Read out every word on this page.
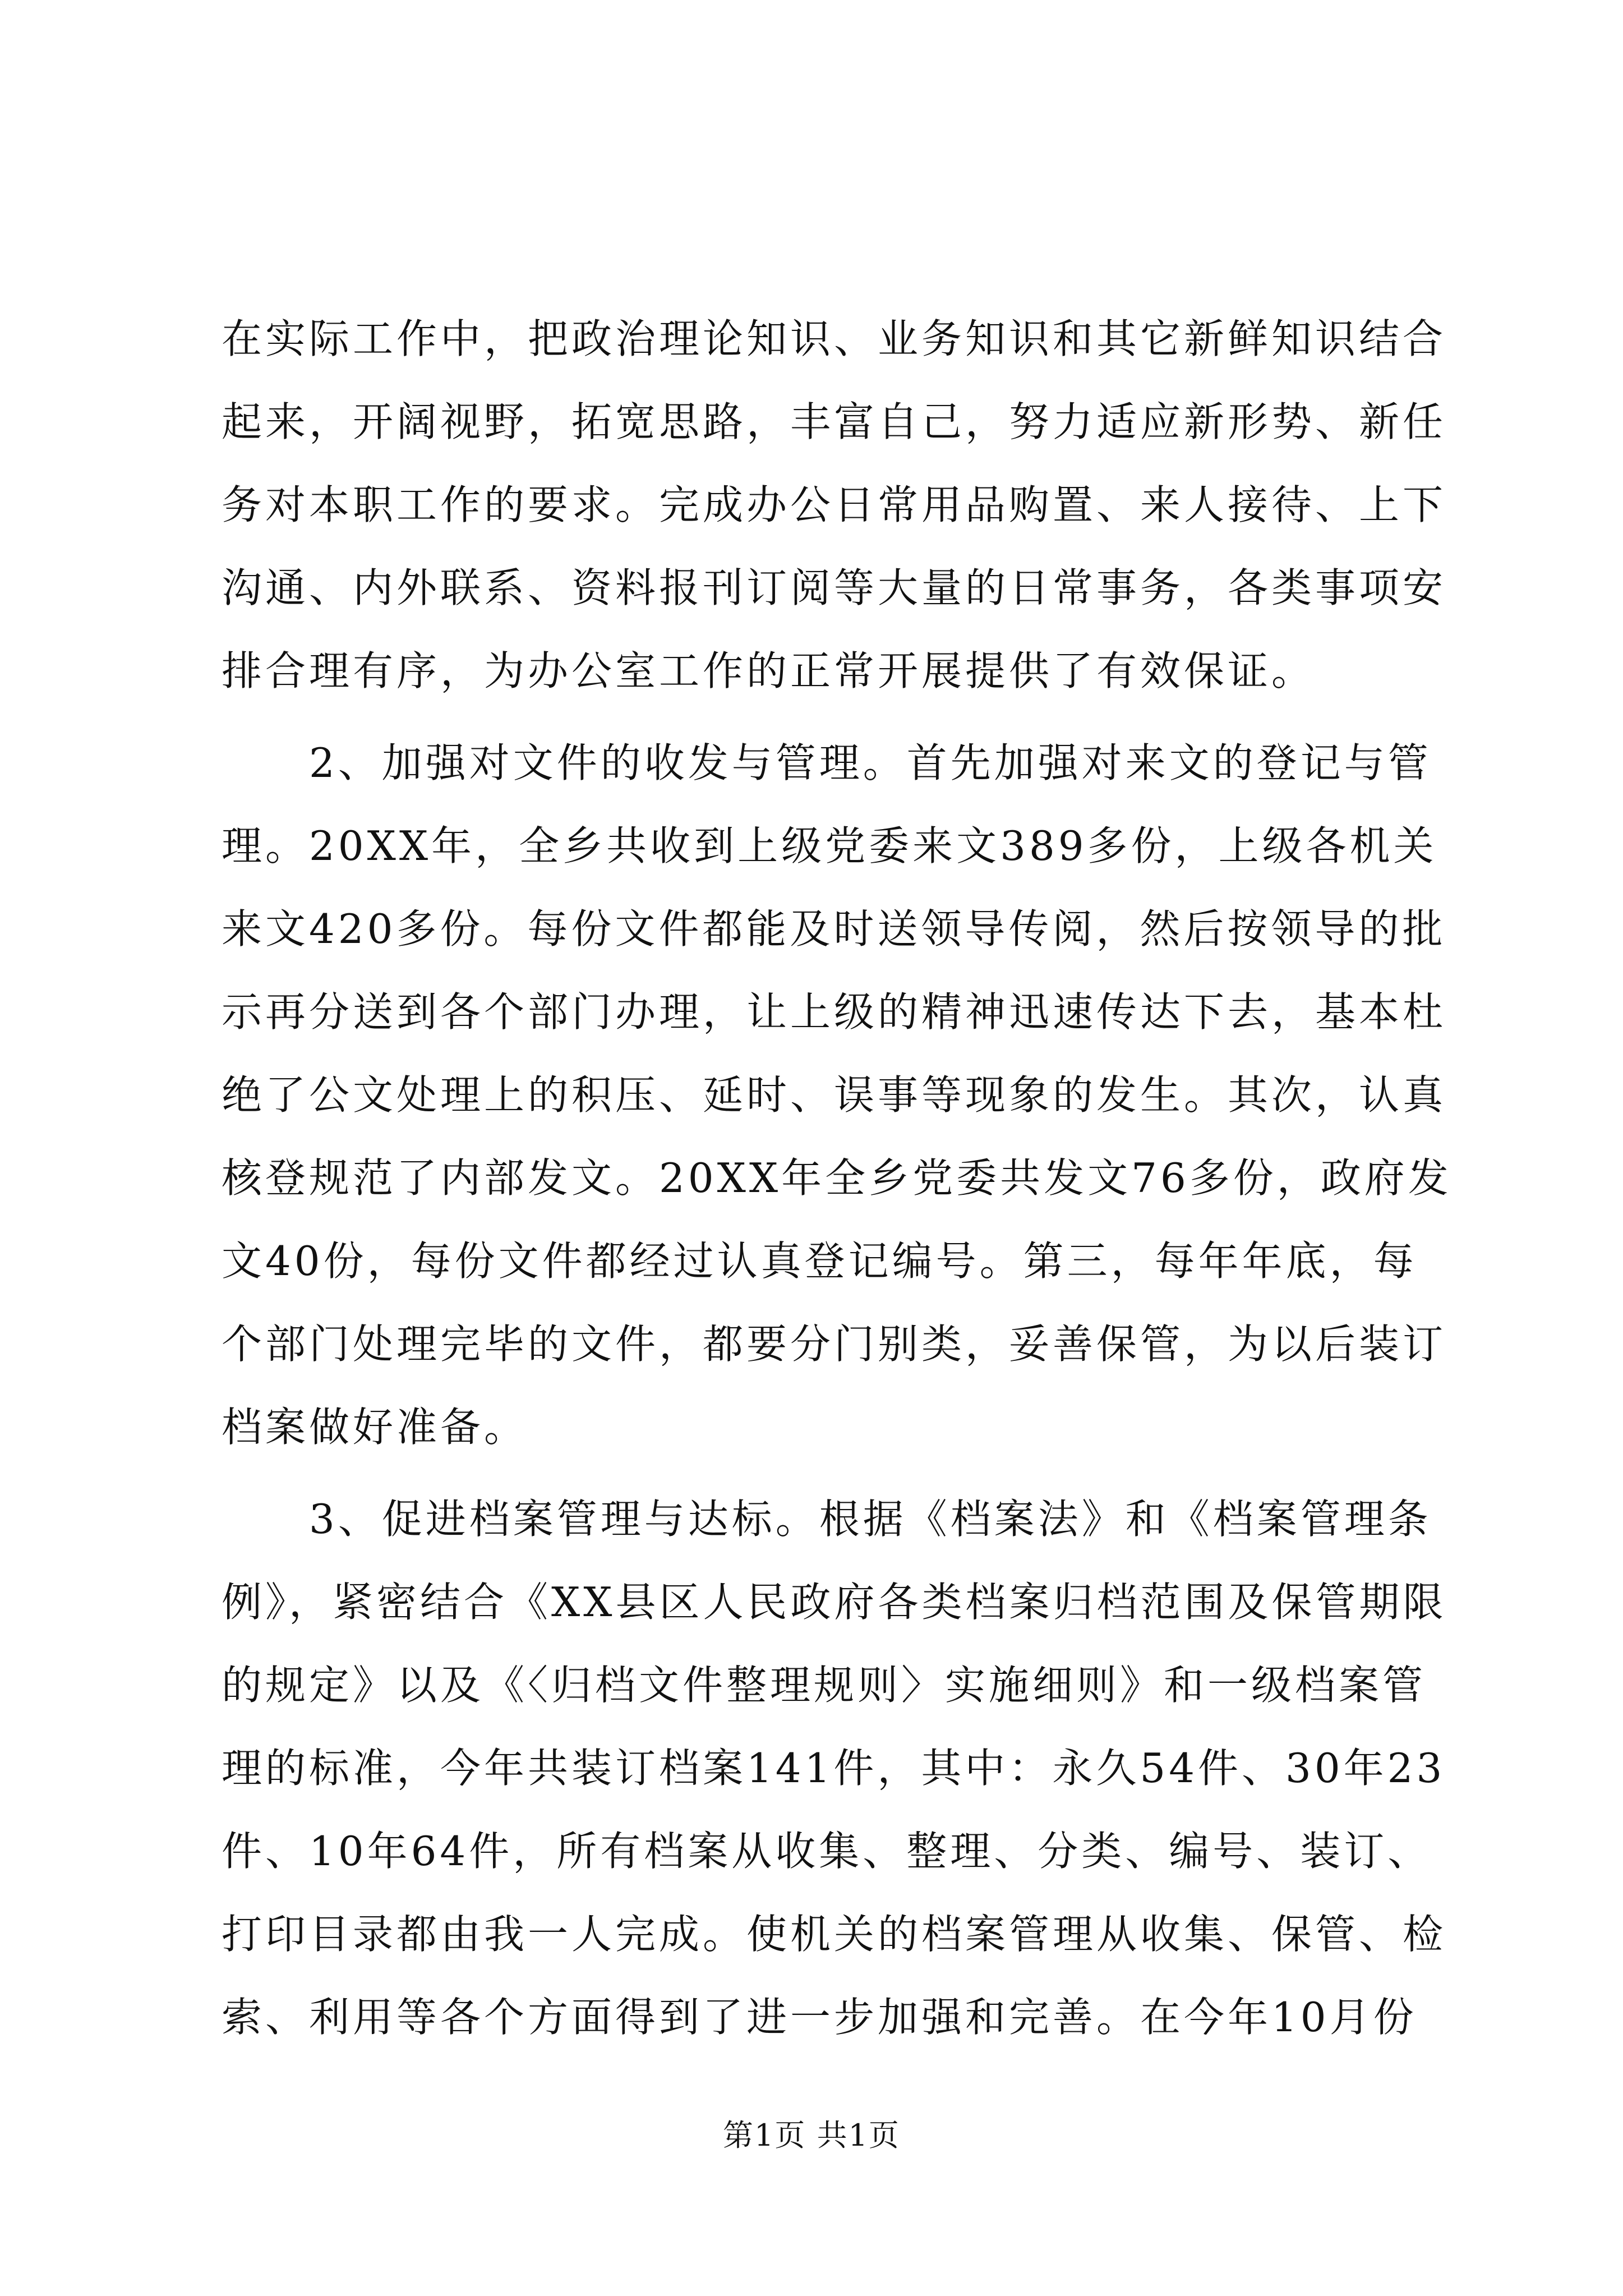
在实际工作中，把政治理论知识、业务知识和其它新鲜知识结合
起来，开阔视野，拓宽思路，丰富自己，努力适应新形势、新任
务对本职工作的要求。完成办公日常用品购置、来人接待、上下
沟通、内外联系、资料报刊订阅等大量的日常事务，各类事项安
排合理有序，为办公室工作的正常开展提供了有效保证。
　　2、加强对文件的收发与管理。首先加强对来文的登记与管
理。20XX年，全乡共收到上级党委来文389多份，上级各机关
来文420多份。每份文件都能及时送领导传阅，然后按领导的批
示再分送到各个部门办理，让上级的精神迅速传达下去，基本杜
绝了公文处理上的积压、延时、误事等现象的发生。其次，认真
核登规范了内部发文。20XX年全乡党委共发文76多份，政府发
文40份，每份文件都经过认真登记编号。第三，每年年底，每
个部门处理完毕的文件，都要分门别类，妥善保管，为以后装订
档案做好准备。
　　3、促进档案管理与达标。根据《档案法》和《档案管理条
例》，紧密结合《XX县区人民政府各类档案归档范围及保管期限
的规定》以及《〈归档文件整理规则〉实施细则》和一级档案管
理的标准，今年共装订档案141件，其中：永久54件、30年23
件、10年64件，所有档案从收集、整理、分类、编号、装订、
打印目录都由我一人完成。使机关的档案管理从收集、保管、检
索、利用等各个方面得到了进一步加强和完善。在今年10月份
第1页 共1页
